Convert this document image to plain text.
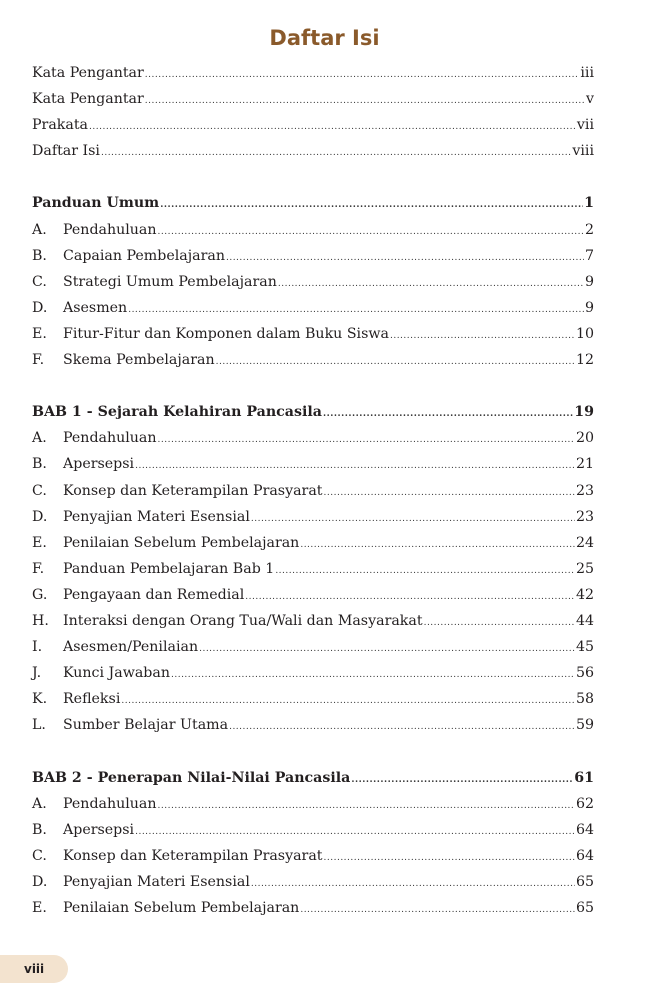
Daftar Isi
Kata Pengantar .....	iii
Kata Pengantar .....	v
Prakata .....	vii
Daftar Isi .....	viii
Panduan Umum .....	1
A.	Pendahuluan .....	2
B.	Capaian Pembelajaran .....	7
C.	Strategi Umum Pembelajaran .....	9
D.	Asesmen .....	9
E.	Fitur-Fitur dan Komponen dalam Buku Siswa .....	10
F.	Skema Pembelajaran .....	12
BAB 1 - Sejarah Kelahiran Pancasila .....	19
A.	Pendahuluan .....	20
B.	Apersepsi .....	21
C.	Konsep dan Keterampilan Prasyarat .....	23
D.	Penyajian Materi Esensial .....	23
E.	Penilaian Sebelum Pembelajaran .....	24
F.	Panduan Pembelajaran Bab 1 .....	25
G.	Pengayaan dan Remedial .....	42
H. Interaksi dengan Orang Tua/Wali dan Masyarakat .....	44
I.	Asesmen/Penilaian .....	45
J.	Kunci Jawaban .....	56
K.	Refleksi .....	58
L.	Sumber Belajar Utama .....	59
BAB 2 - Penerapan Nilai-Nilai Pancasila .....	61
A.	Pendahuluan .....	62
B.	Apersepsi .....	64
C.	Konsep dan Keterampilan Prasyarat .....	64
D.	Penyajian Materi Esensial .....	65
E.	Penilaian Sebelum Pembelajaran .....	65
viii
